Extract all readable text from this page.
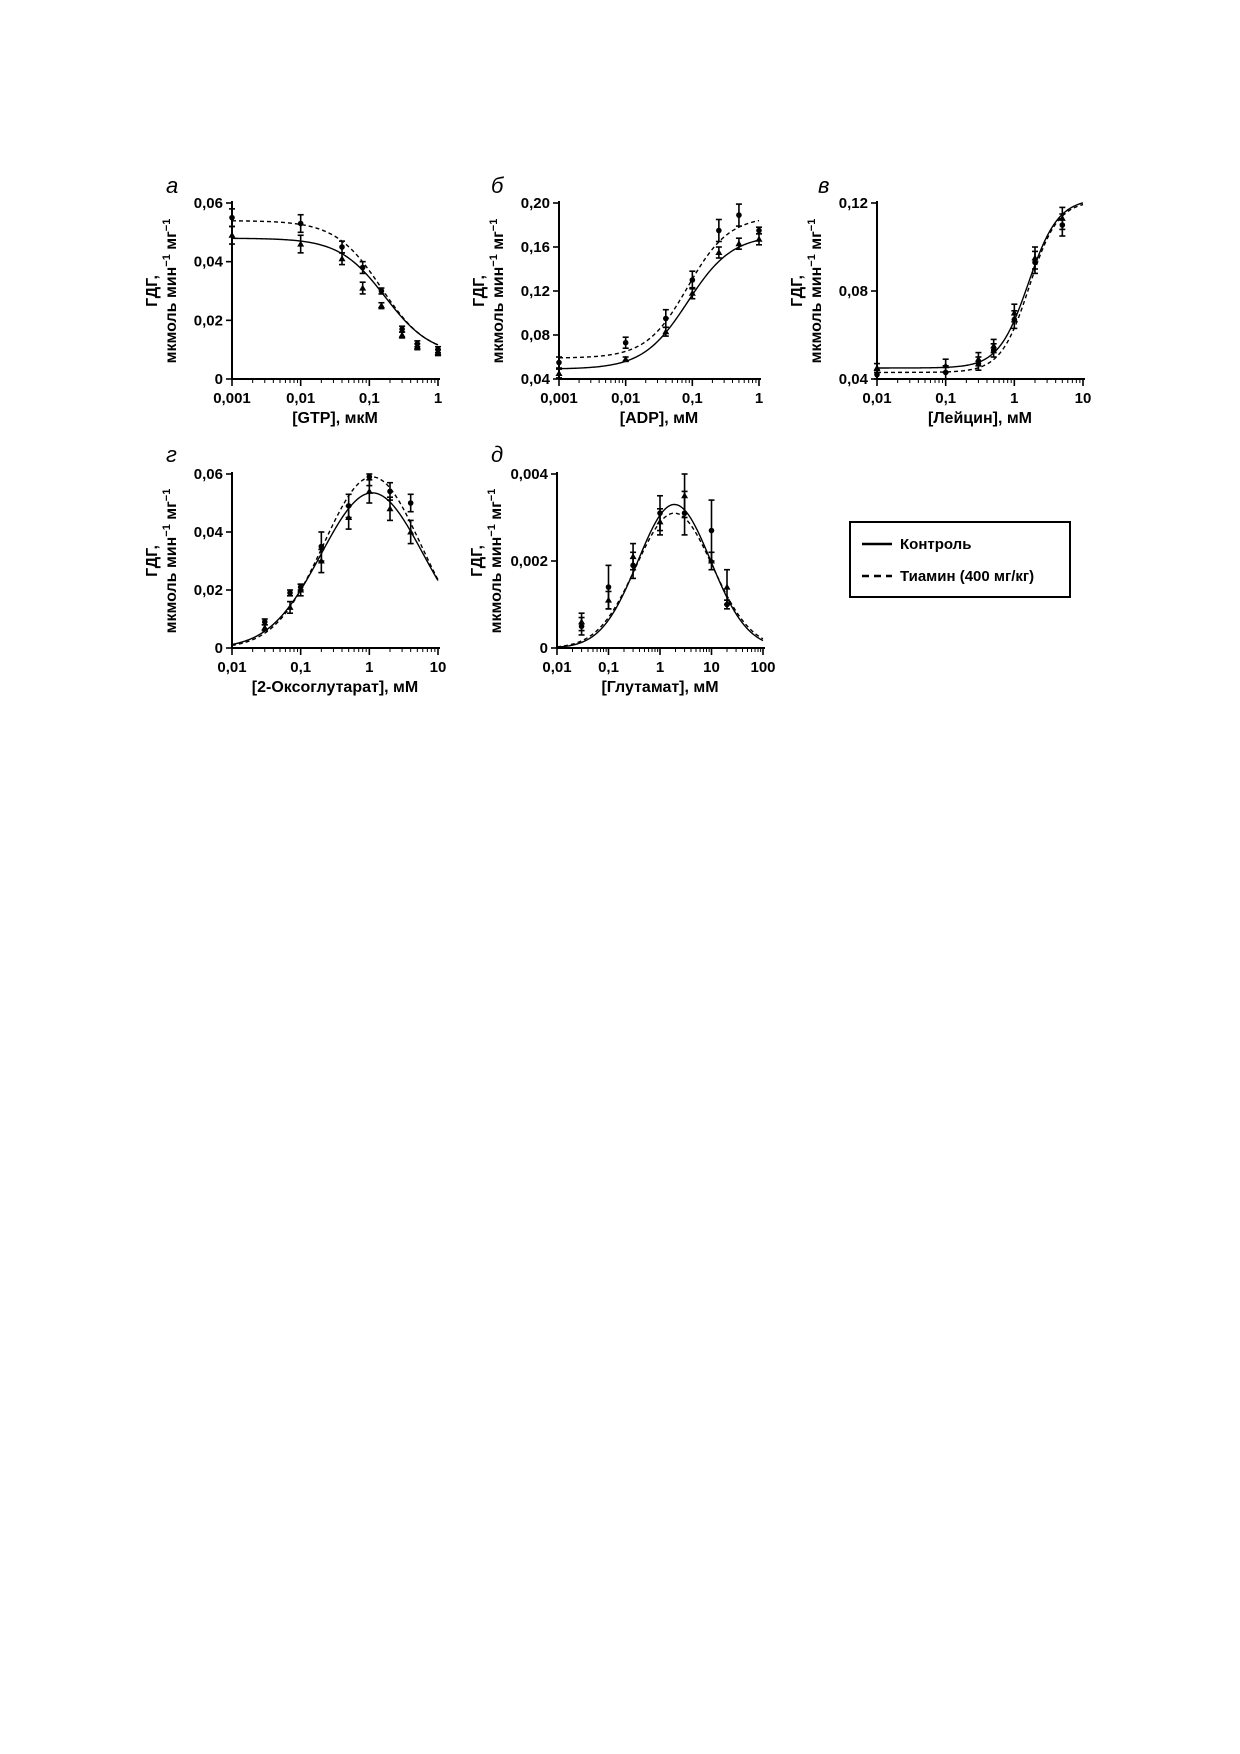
0,001 0,01	0,1	1
0
0,02
0,04
0,06
а
[GTP], мкМ
ГДГ, мкмоль мин$^{-1}$ $мг^{-1}$
0,001 0,01	0,1	1
0,04
0,08
0,12
0,16
0,20
б
[ADP], мМ
ГДГ, мкмоль мин$^{-1}$ $мг^{-1}$
0,01	0,1	1	10
0,04
0,08
0,12
в
[Лейцин], мМ
ГДГ, мкмоль мин$^{-1}$ $мг^{-1}$
0,01	0,1	1	10
0
0,02
0,04
0,06
г
[2-Оксоглутарат], мМ
ГДГ, мкмоль мин$^{-1}$ $мг^{-1}$
0,01 0,1 1	10 100
0
0,002
0,004
д
[Глутамат], мМ
ГДГ, мкмоль мин$^{-1}$ $мг^{-1}$
Контроль
Тиамин (400 мг/кг)
